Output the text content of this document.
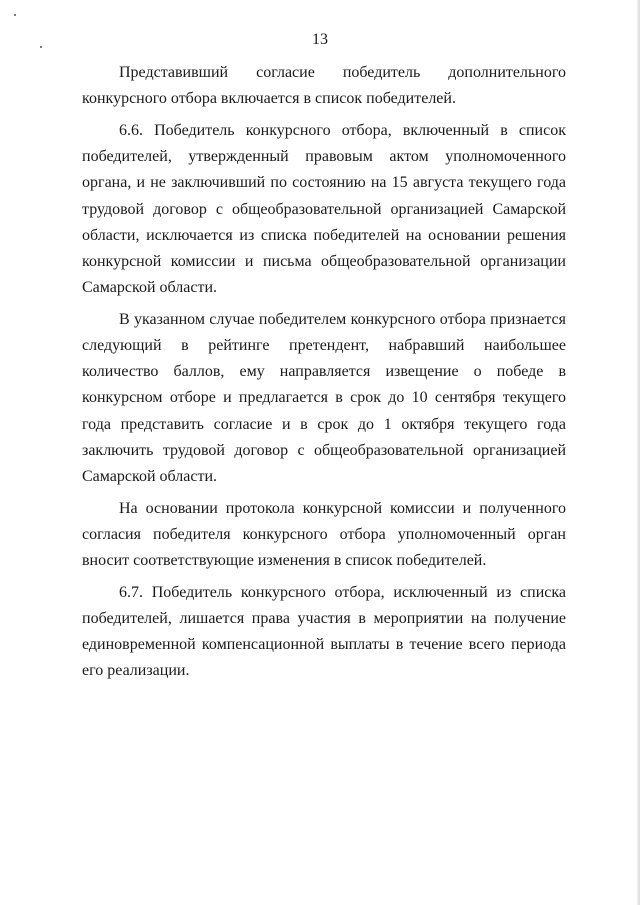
13

Представивший согласие победитель дополнительного конкурсного отбора включается в список победителей.

6.6. Победитель конкурсного отбора, включенный в список победителей, утвержденный правовым актом уполномоченного органа, и не заключивший по состоянию на 15 августа текущего года трудовой договор с общеобразовательной организацией Самарской области, исключается из списка победителей на основании решения конкурсной комиссии и письма общеобразовательной организации Самарской области.

В указанном случае победителем конкурсного отбора признается следующий в рейтинге претендент, набравший наибольшее количество баллов, ему направляется извещение о победе в конкурсном отборе и предлагается в срок до 10 сентября текущего года представить согласие и в срок до 1 октября текущего года заключить трудовой договор с общеобразовательной организацией Самарской области.

На основании протокола конкурсной комиссии и полученного согласия победителя конкурсного отбора уполномоченный орган вносит соответствующие изменения в список победителей.

6.7. Победитель конкурсного отбора, исключенный из списка победителей, лишается права участия в мероприятии на получение единовременной компенсационной выплаты в течение всего периода его реализации.
